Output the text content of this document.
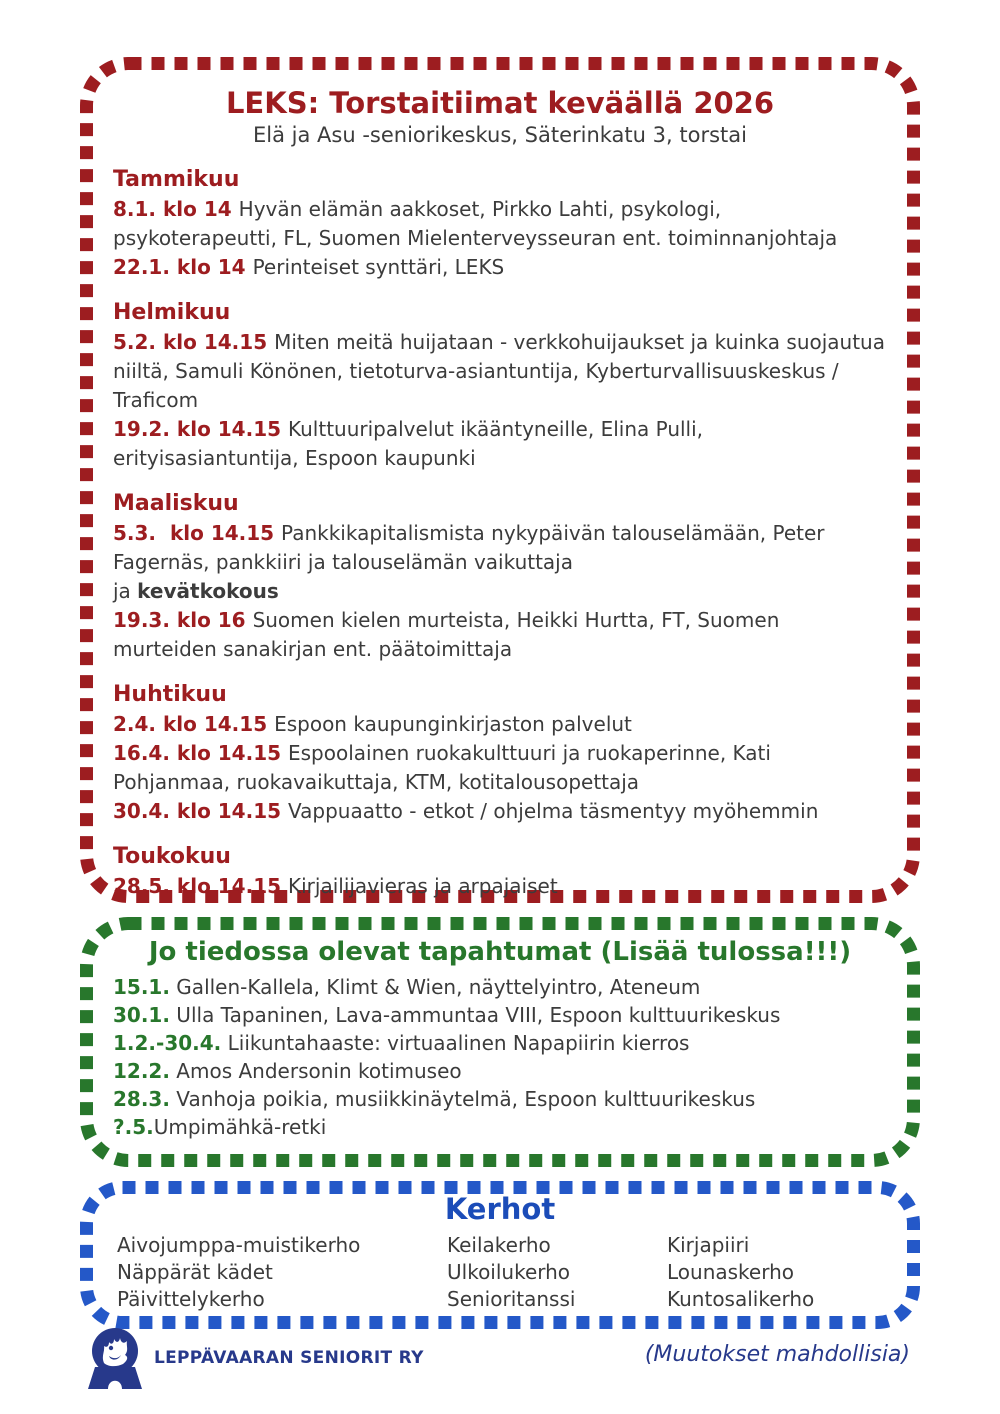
LEKS: Torstaitiimat keväällä 2026

Elä ja Asu -seniorikeskus, Säterinkatu 3, torstai

Tammikuu

8.1. klo 14 Hyvän elämän aakkoset, Pirkko Lahti, psykologi, psykoterapeutti, FL, Suomen Mielenterveysseuran ent. toiminnanjohtaja

22.1. klo 14 Perinteiset synttäri, LEKS

Helmikuu

5.2. klo 14.15 Miten meitä huijataan - verkkohuijaukset ja kuinka suojautua niiltä, Samuli Könönen, tietoturva-asiantuntija, Kyberturvallisuuskeskus / Traficom

19.2. klo 14.15 Kulttuuripalvelut ikääntyneille, Elina Pulli, erityisasiantuntija, Espoon kaupunki

Maaliskuu

5.3.  klo 14.15 Pankkikapitalismista nykypäivän talouselämään, Peter Fagernäs, pankkiiri ja talouselämän vaikuttaja

ja kevätkokous

19.3. klo 16 Suomen kielen murteista, Heikki Hurtta, FT, Suomen murteiden sanakirjan ent. päätoimittaja

Huhtikuu

2.4. klo 14.15 Espoon kaupunginkirjaston palvelut

16.4. klo 14.15 Espoolainen ruokakulttuuri ja ruokaperinne, Kati Pohjanmaa, ruokavaikuttaja, KTM, kotitalousopettaja

30.4. klo 14.15 Vappuaatto - etkot / ohjelma täsmentyy myöhemmin

Toukokuu

28.5. klo 14.15 Kirjailijavieras ja arpajaiset

Jo tiedossa olevat tapahtumat (Lisää tulossa!!!)

15.1. Gallen-Kallela, Klimt & Wien, näyttelyintro, Ateneum

30.1. Ulla Tapaninen, Lava-ammuntaa VIII, Espoon kulttuurikeskus

1.2.-30.4. Liikuntahaaste: virtuaalinen Napapiirin kierros

12.2. Amos Andersonin kotimuseo

28.3. Vanhoja poikia, musiikkinäytelmä, Espoon kulttuurikeskus

?.5.Umpimähkä-retki

Kerhot
Aivojumppa-muistikerho	Keilakerho	Kirjapiiri
Näppärät kädet	Ulkoilukerho	Lounaskerho
Päivittelykerho	Senioritanssi	Kuntosalikerho
LEPPÄVAARAN SENIORIT RY	(Muutokset mahdollisia)
